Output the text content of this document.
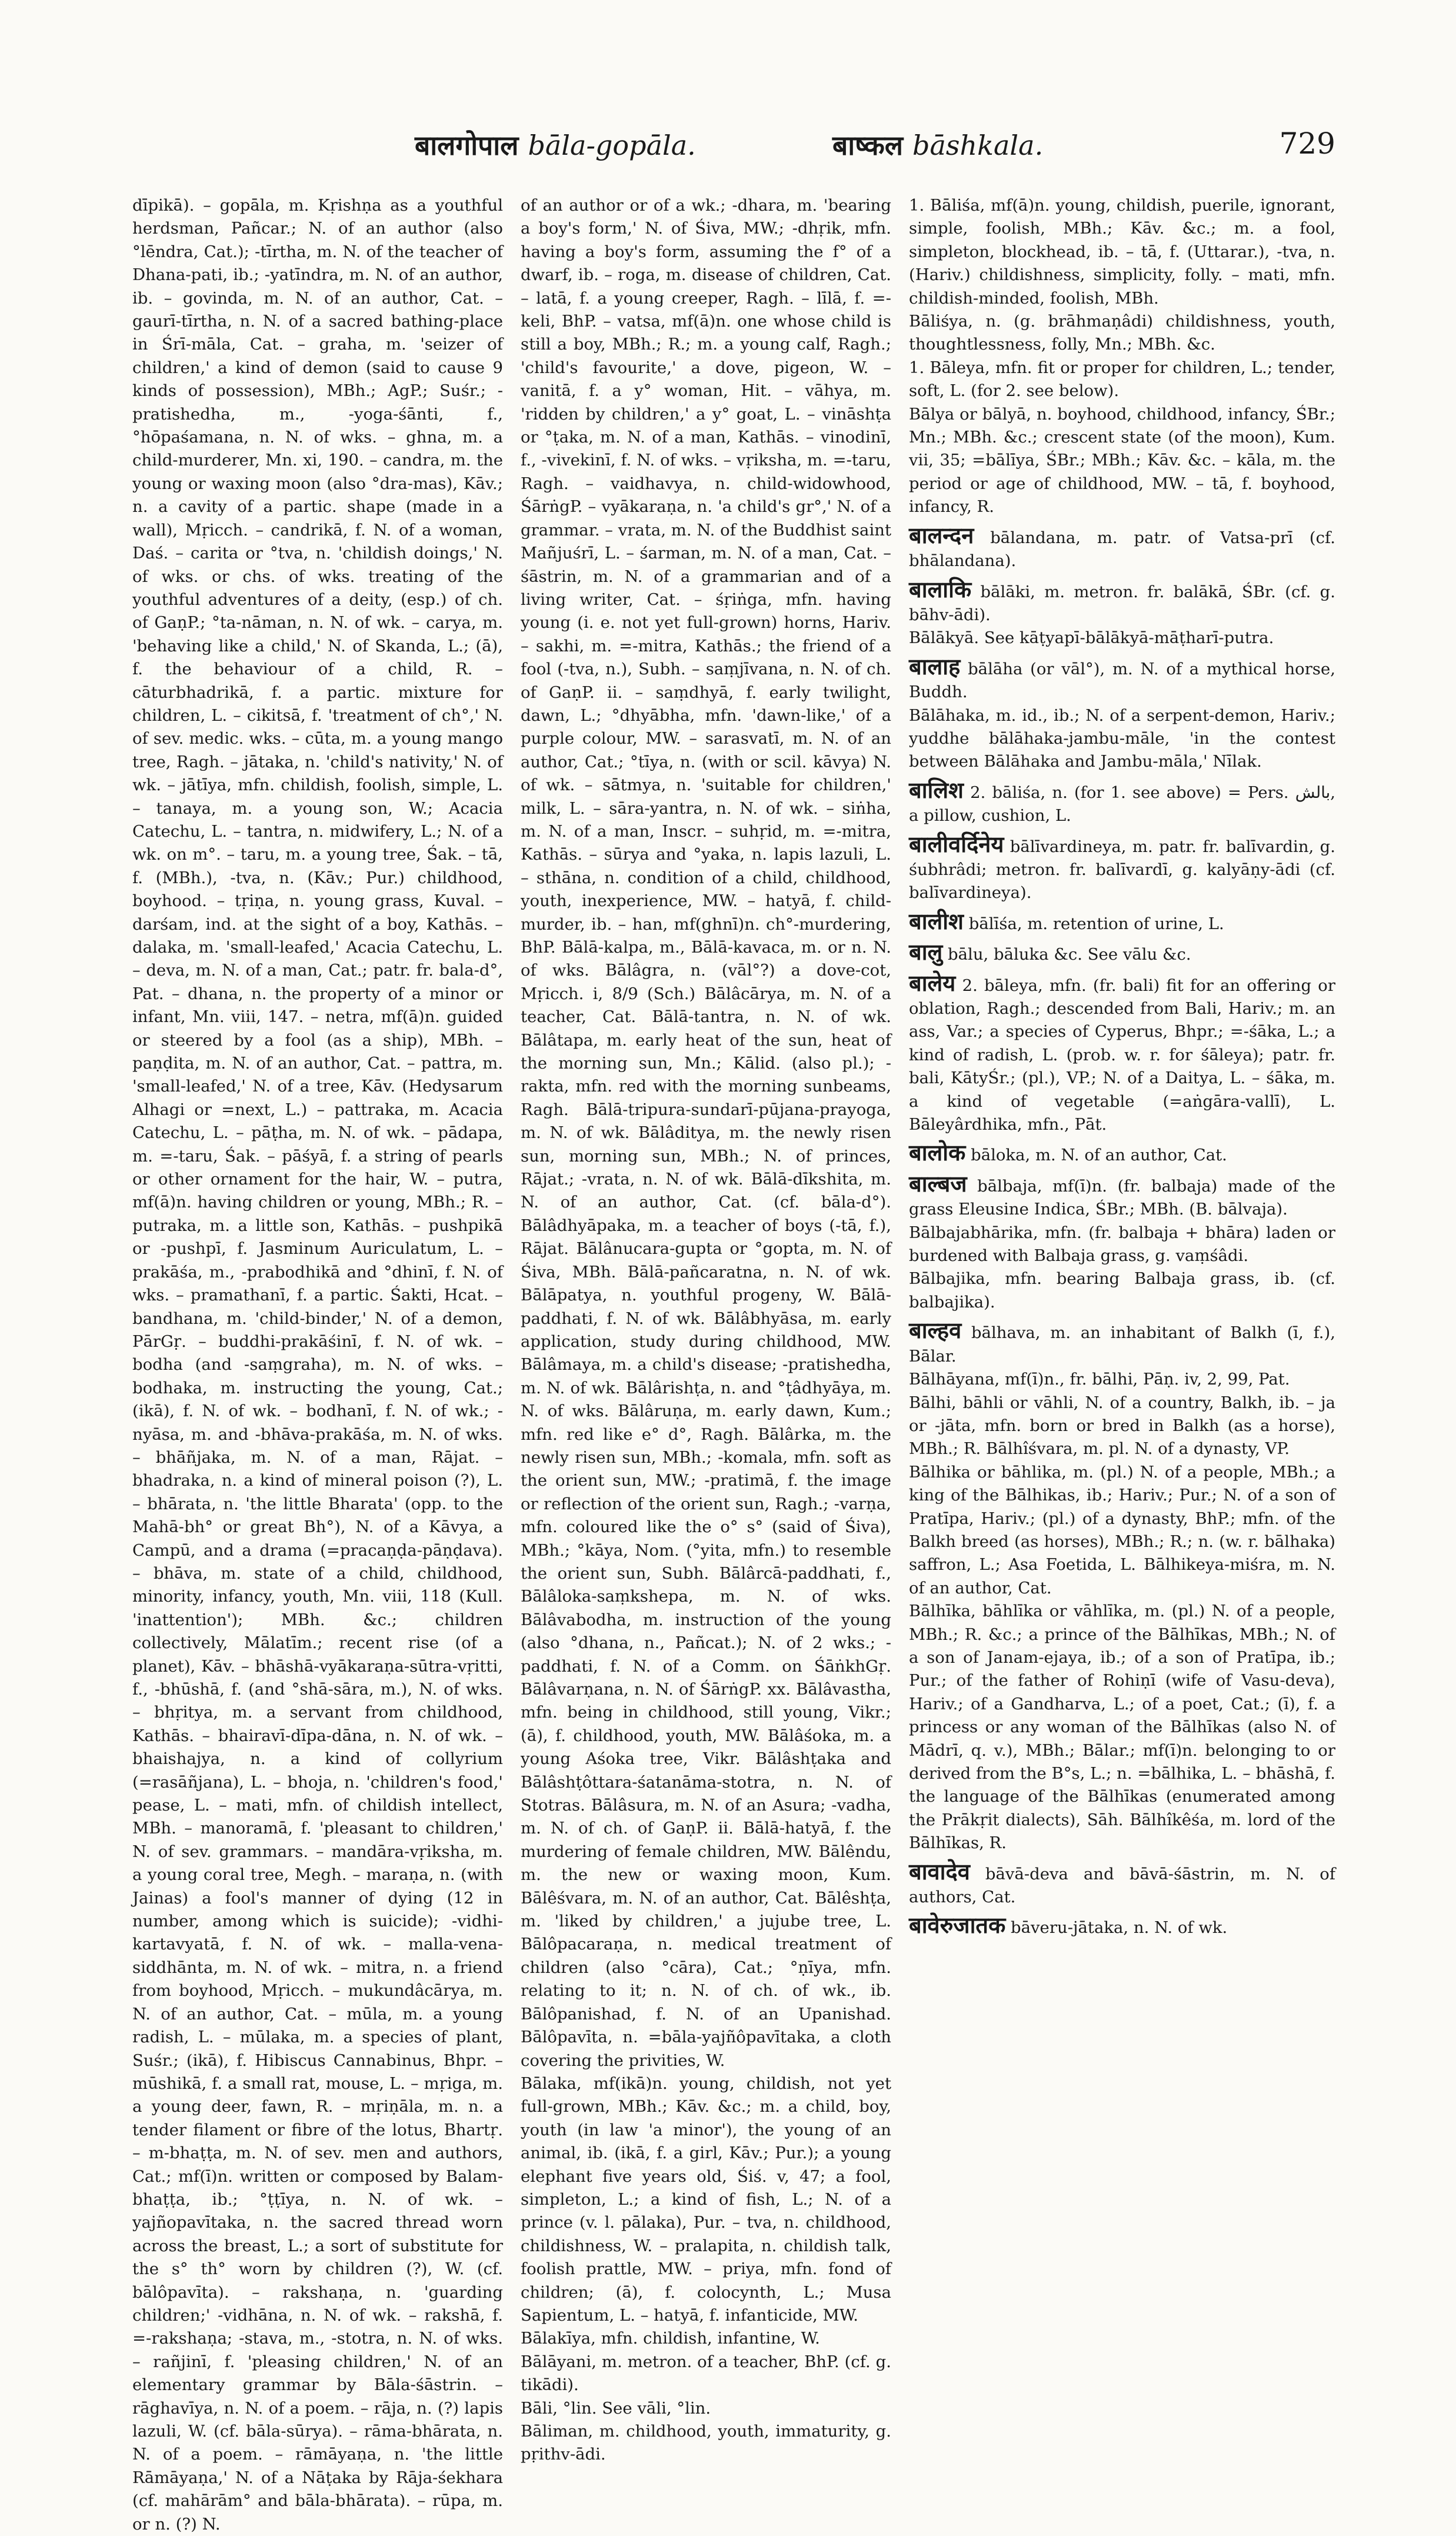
बालगोपाल bāla-gopāla.	बाष्कल bāshkala.	729

dīpikā). – gopāla, m. Kṛishṇa as a youthful herdsman, Pañcar.; N. of an author (also °lēndra, Cat.); -tīrtha, m. N. of the teacher of Dhana-pati, ib.; -yatīndra, m. N. of an author, ib. – govinda, m. N. of an author, Cat. – gaurī-tīrtha, n. N. of a sacred bathing-place in Śrī-māla, Cat. – graha, m. 'seizer of children,' a kind of demon (said to cause 9 kinds of possession), MBh.; AgP.; Suśr.; -pratishedha, m., -yoga-śānti, f., °hōpaśamana, n. N. of wks. – ghna, m. a child-murderer, Mn. xi, 190. – candra, m. the young or waxing moon (also °dra-mas), Kāv.; n. a cavity of a partic. shape (made in a wall), Mṛicch. – candrikā, f. N. of a woman, Daś. – carita or °tva, n. 'childish doings,' N. of wks. or chs. of wks. treating of the youthful adventures of a deity, (esp.) of ch. of GaṇP.; °ta-nāman, n. N. of wk. – carya, m. 'behaving like a child,' N. of Skanda, L.; (ā), f. the behaviour of a child, R. – cāturbhadrikā, f. a partic. mixture for children, L. – cikitsā, f. 'treatment of ch°,' N. of sev. medic. wks. – cūta, m. a young mango tree, Ragh. – jātaka, n. 'child's nativity,' N. of wk. – jātīya, mfn. childish, foolish, simple, L. – tanaya, m. a young son, W.; Acacia Catechu, L. – tantra, n. midwifery, L.; N. of a wk. on m°. – taru, m. a young tree, Śak. – tā, f. (MBh.), -tva, n. (Kāv.; Pur.) childhood, boyhood. – tṛiṇa, n. young grass, Kuval. – darśam, ind. at the sight of a boy, Kathās. – dalaka, m. 'small-leafed,' Acacia Catechu, L. – deva, m. N. of a man, Cat.; patr. fr. bala-d°, Pat. – dhana, n. the property of a minor or infant, Mn. viii, 147. – netra, mf(ā)n. guided or steered by a fool (as a ship), MBh. – paṇḍita, m. N. of an author, Cat. – pattra, m. 'small-leafed,' N. of a tree, Kāv. (Hedysarum Alhagi or =next, L.) – pattraka, m. Acacia Catechu, L. – pāṭha, m. N. of wk. – pādapa, m. =-taru, Śak. – pāśyā, f. a string of pearls or other ornament for the hair, W. – putra, mf(ā)n. having children or young, MBh.; R. – putraka, m. a little son, Kathās. – pushpikā or -pushpī, f. Jasminum Auriculatum, L. – prakāśa, m., -prabodhikā and °dhinī, f. N. of wks. – pramathanī, f. a partic. Śakti, Hcat. – bandhana, m. 'child-binder,' N. of a demon, PārGṛ. – buddhi-prakāśinī, f. N. of wk. – bodha (and -saṃgraha), m. N. of wks. – bodhaka, m. instructing the young, Cat.; (ikā), f. N. of wk. – bodhanī, f. N. of wk.; -nyāsa, m. and -bhāva-prakāśa, m. N. of wks. – bhāñjaka, m. N. of a man, Rājat. – bhadraka, n. a kind of mineral poison (?), L. – bhārata, n. 'the little Bharata' (opp. to the Mahā-bh° or great Bh°), N. of a Kāvya, a Campū, and a drama (=pracaṇḍa-pāṇḍava). – bhāva, m. state of a child, childhood, minority, infancy, youth, Mn. viii, 118 (Kull. 'inattention'); MBh. &c.; children collectively, Mālatīm.; recent rise (of a planet), Kāv. – bhāshā-vyākaraṇa-sūtra-vṛitti, f., -bhūshā, f. (and °shā-sāra, m.), N. of wks. – bhṛitya, m. a servant from childhood, Kathās. – bhairavī-dīpa-dāna, n. N. of wk. – bhaishajya, n. a kind of collyrium (=rasāñjana), L. – bhoja, n. 'children's food,' pease, L. – mati, mfn. of childish intellect, MBh. – manoramā, f. 'pleasant to children,' N. of sev. grammars. – mandāra-vṛiksha, m. a young coral tree, Megh. – maraṇa, n. (with Jainas) a fool's manner of dying (12 in number, among which is suicide); -vidhi-kartavyatā, f. N. of wk. – malla-vena-siddhānta, m. N. of wk. – mitra, n. a friend from boyhood, Mṛicch. – mukundâcārya, m. N. of an author, Cat. – mūla, m. a young radish, L. – mūlaka, m. a species of plant, Suśr.; (ikā), f. Hibiscus Cannabinus, Bhpr. – mūshikā, f. a small rat, mouse, L. – mṛiga, m. a young deer, fawn, R. – mṛiṇāla, m. n. a tender filament or fibre of the lotus, Bhartṛ. – m-bhaṭṭa, m. N. of sev. men and authors, Cat.; mf(ī)n. written or composed by Balam-bhaṭṭa, ib.; °ṭṭīya, n. N. of wk. – yajñopavītaka, n. the sacred thread worn across the breast, L.; a sort of substitute for the s° th° worn by children (?), W. (cf. bālôpavīta). – rakshaṇa, n. 'guarding children;' -vidhāna, n. N. of wk. – rakshā, f. =-rakshaṇa; -stava, m., -stotra, n. N. of wks. – rañjinī, f. 'pleasing children,' N. of an elementary grammar by Bāla-śāstrin. – rāghavīya, n. N. of a poem. – rāja, n. (?) lapis lazuli, W. (cf. bāla-sūrya). – rāma-bhārata, n. N. of a poem. – rāmāyaṇa, n. 'the little Rāmāyaṇa,' N. of a Nāṭaka by Rāja-śekhara (cf. mahārām° and bāla-bhārata). – rūpa, m. or n. (?) N.

of an author or of a wk.; -dhara, m. 'bearing a boy's form,' N. of Śiva, MW.; -dhṛik, mfn. having a boy's form, assuming the f° of a dwarf, ib. – roga, m. disease of children, Cat. – latā, f. a young creeper, Ragh. – līlā, f. =-keli, BhP. – vatsa, mf(ā)n. one whose child is still a boy, MBh.; R.; m. a young calf, Ragh.; 'child's favourite,' a dove, pigeon, W. – vanitā, f. a y° woman, Hit. – vāhya, m. 'ridden by children,' a y° goat, L. – vināshṭa or °ṭaka, m. N. of a man, Kathās. – vinodinī, f., -vivekinī, f. N. of wks. – vṛiksha, m. =-taru, Ragh. – vaidhavya, n. child-widowhood, ŚārṅgP. – vyākaraṇa, n. 'a child's gr°,' N. of a grammar. – vrata, m. N. of the Buddhist saint Mañjuśrī, L. – śarman, m. N. of a man, Cat. – śāstrin, m. N. of a grammarian and of a living writer, Cat. – śṛiṅga, mfn. having young (i. e. not yet full-grown) horns, Hariv. – sakhi, m. =-mitra, Kathās.; the friend of a fool (-tva, n.), Subh. – saṃjīvana, n. N. of ch. of GaṇP. ii. – saṃdhyā, f. early twilight, dawn, L.; °dhyābha, mfn. 'dawn-like,' of a purple colour, MW. – sarasvatī, m. N. of an author, Cat.; °tīya, n. (with or scil. kāvya) N. of wk. – sātmya, n. 'suitable for children,' milk, L. – sāra-yantra, n. N. of wk. – siṅha, m. N. of a man, Inscr. – suhṛid, m. =-mitra, Kathās. – sūrya and °yaka, n. lapis lazuli, L. – sthāna, n. condition of a child, childhood, youth, inexperience, MW. – hatyā, f. child-murder, ib. – han, mf(ghnī)n. ch°-murdering, BhP. Bālā-kalpa, m., Bālā-kavaca, m. or n. N. of wks. Bālâgra, n. (vāl°?) a dove-cot, Mṛicch. i, 8/9 (Sch.) Bālâcārya, m. N. of a teacher, Cat. Bālā-tantra, n. N. of wk. Bālâtapa, m. early heat of the sun, heat of the morning sun, Mn.; Kālid. (also pl.); -rakta, mfn. red with the morning sunbeams, Ragh. Bālā-tripura-sundarī-pūjana-prayoga, m. N. of wk. Bālâditya, m. the newly risen sun, morning sun, MBh.; N. of princes, Rājat.; -vrata, n. N. of wk. Bālā-dīkshita, m. N. of an author, Cat. (cf. bāla-d°). Bālâdhyāpaka, m. a teacher of boys (-tā, f.), Rājat. Bālânucara-gupta or °gopta, m. N. of Śiva, MBh. Bālā-pañcaratna, n. N. of wk. Bālāpatya, n. youthful progeny, W. Bālā-paddhati, f. N. of wk. Bālâbhyāsa, m. early application, study during childhood, MW. Bālâmaya, m. a child's disease; -pratishedha, m. N. of wk. Bālârishṭa, n. and °ṭâdhyāya, m. N. of wks. Bālâruṇa, m. early dawn, Kum.; mfn. red like e° d°, Ragh. Bālârka, m. the newly risen sun, MBh.; -komala, mfn. soft as the orient sun, MW.; -pratimā, f. the image or reflection of the orient sun, Ragh.; -varṇa, mfn. coloured like the o° s° (said of Śiva), MBh.; °kāya, Nom. (°yita, mfn.) to resemble the orient sun, Subh. Bālârcā-paddhati, f., Bālâloka-saṃkshepa, m. N. of wks. Bālâvabodha, m. instruction of the young (also °dhana, n., Pañcat.); N. of 2 wks.; -paddhati, f. N. of a Comm. on ŚāṅkhGṛ. Bālâvarṇana, n. N. of ŚārṅgP. xx. Bālâvastha, mfn. being in childhood, still young, Vikr.; (ā), f. childhood, youth, MW. Bālâśoka, m. a young Aśoka tree, Vikr. Bālâshṭaka and Bālâshṭôttara-śatanāma-stotra, n. N. of Stotras. Bālâsura, m. N. of an Asura; -vadha, m. N. of ch. of GaṇP. ii. Bālā-hatyā, f. the murdering of female children, MW. Bālêndu, m. the new or waxing moon, Kum. Bālêśvara, m. N. of an author, Cat. Bālêshṭa, m. 'liked by children,' a jujube tree, L. Bālôpacaraṇa, n. medical treatment of children (also °cāra), Cat.; °ṇīya, mfn. relating to it; n. N. of ch. of wk., ib. Bālôpanishad, f. N. of an Upanishad. Bālôpavīta, n. =bāla-yajñôpavītaka, a cloth covering the privities, W.

Bālaka, mf(ikā)n. young, childish, not yet full-grown, MBh.; Kāv. &c.; m. a child, boy, youth (in law 'a minor'), the young of an animal, ib. (ikā, f. a girl, Kāv.; Pur.); a young elephant five years old, Śiś. v, 47; a fool, simpleton, L.; a kind of fish, L.; N. of a prince (v. l. pālaka), Pur. – tva, n. childhood, childishness, W. – pralapita, n. childish talk, foolish prattle, MW. – priya, mfn. fond of children; (ā), f. colocynth, L.; Musa Sapientum, L. – hatyā, f. infanticide, MW.

Bālakīya, mfn. childish, infantine, W.

Bālāyani, m. metron. of a teacher, BhP. (cf. g. tikādi).

Bāli, °lin. See vāli, °lin.

Bāliman, m. childhood, youth, immaturity, g. pṛithv-ādi.

1. Bāliśa, mf(ā)n. young, childish, puerile, ignorant, simple, foolish, MBh.; Kāv. &c.; m. a fool, simpleton, blockhead, ib. – tā, f. (Uttarar.), -tva, n. (Hariv.) childishness, simplicity, folly. – mati, mfn. childish-minded, foolish, MBh.

Bāliśya, n. (g. brāhmaṇâdi) childishness, youth, thoughtlessness, folly, Mn.; MBh. &c.

1. Bāleya, mfn. fit or proper for children, L.; tender, soft, L. (for 2. see below).

Bālya or bālyā, n. boyhood, childhood, infancy, ŚBr.; Mn.; MBh. &c.; crescent state (of the moon), Kum. vii, 35; =bālīya, ŚBr.; MBh.; Kāv. &c. – kāla, m. the period or age of childhood, MW. – tā, f. boyhood, infancy, R.

बालन्दन bālandana, m. patr. of Vatsa-prī (cf. bhālandana).

बालाकि bālāki, m. metron. fr. balākā, ŚBr. (cf. g. bāhv-ādi).

Bālākyā. See kāṭyapī-bālākyā-māṭharī-putra.

बालाह bālāha (or vāl°), m. N. of a mythical horse, Buddh.

Bālāhaka, m. id., ib.; N. of a serpent-demon, Hariv.; yuddhe bālāhaka-jambu-māle, 'in the contest between Bālāhaka and Jambu-māla,' Nīlak.

बालिश 2. bāliśa, n. (for 1. see above) = Pers. بالش, a pillow, cushion, L.

बालीवर्दिनेय bālīvardineya, m. patr. fr. balīvardin, g. śubhrâdi; metron. fr. balīvardī, g. kalyāṇy-ādi (cf. balīvardineya).

बालीश bālīśa, m. retention of urine, L.

बालु bālu, bāluka &c. See vālu &c.

बालेय 2. bāleya, mfn. (fr. bali) fit for an offering or oblation, Ragh.; descended from Bali, Hariv.; m. an ass, Var.; a species of Cyperus, Bhpr.; =-śāka, L.; a kind of radish, L. (prob. w. r. for śāleya); patr. fr. bali, KātyŚr.; (pl.), VP.; N. of a Daitya, L. – śāka, m. a kind of vegetable (=aṅgāra-vallī), L. Bāleyârdhika, mfn., Pāt.

बालोक bāloka, m. N. of an author, Cat.

बाल्बज bālbaja, mf(ī)n. (fr. balbaja) made of the grass Eleusine Indica, ŚBr.; MBh. (B. bālvaja).

Bālbajabhārika, mfn. (fr. balbaja + bhāra) laden or burdened with Balbaja grass, g. vaṃśâdi.

Bālbajika, mfn. bearing Balbaja grass, ib. (cf. balbajika).

बाल्हव bālhava, m. an inhabitant of Balkh (ī, f.), Bālar.

Bālhāyana, mf(ī)n., fr. bālhi, Pāṇ. iv, 2, 99, Pat.

Bālhi, bāhli or vāhli, N. of a country, Balkh, ib. – ja or -jāta, mfn. born or bred in Balkh (as a horse), MBh.; R. Bālhîśvara, m. pl. N. of a dynasty, VP.

Bālhika or bāhlika, m. (pl.) N. of a people, MBh.; a king of the Bālhikas, ib.; Hariv.; Pur.; N. of a son of Pratīpa, Hariv.; (pl.) of a dynasty, BhP.; mfn. of the Balkh breed (as horses), MBh.; R.; n. (w. r. bālhaka) saffron, L.; Asa Foetida, L. Bālhikeya-miśra, m. N. of an author, Cat.

Bālhīka, bāhlīka or vāhlīka, m. (pl.) N. of a people, MBh.; R. &c.; a prince of the Bālhīkas, MBh.; N. of a son of Janam-ejaya, ib.; of a son of Pratīpa, ib.; Pur.; of the father of Rohiṇī (wife of Vasu-deva), Hariv.; of a Gandharva, L.; of a poet, Cat.; (ī), f. a princess or any woman of the Bālhīkas (also N. of Mādrī, q. v.), MBh.; Bālar.; mf(ī)n. belonging to or derived from the B°s, L.; n. =bālhika, L. – bhāshā, f. the language of the Bālhīkas (enumerated among the Prākṛit dialects), Sāh. Bālhîkêśa, m. lord of the Bālhīkas, R.

बावादेव bāvā-deva and bāvā-śāstrin, m. N. of authors, Cat.

बावेरुजातक bāveru-jātaka, n. N. of wk.
